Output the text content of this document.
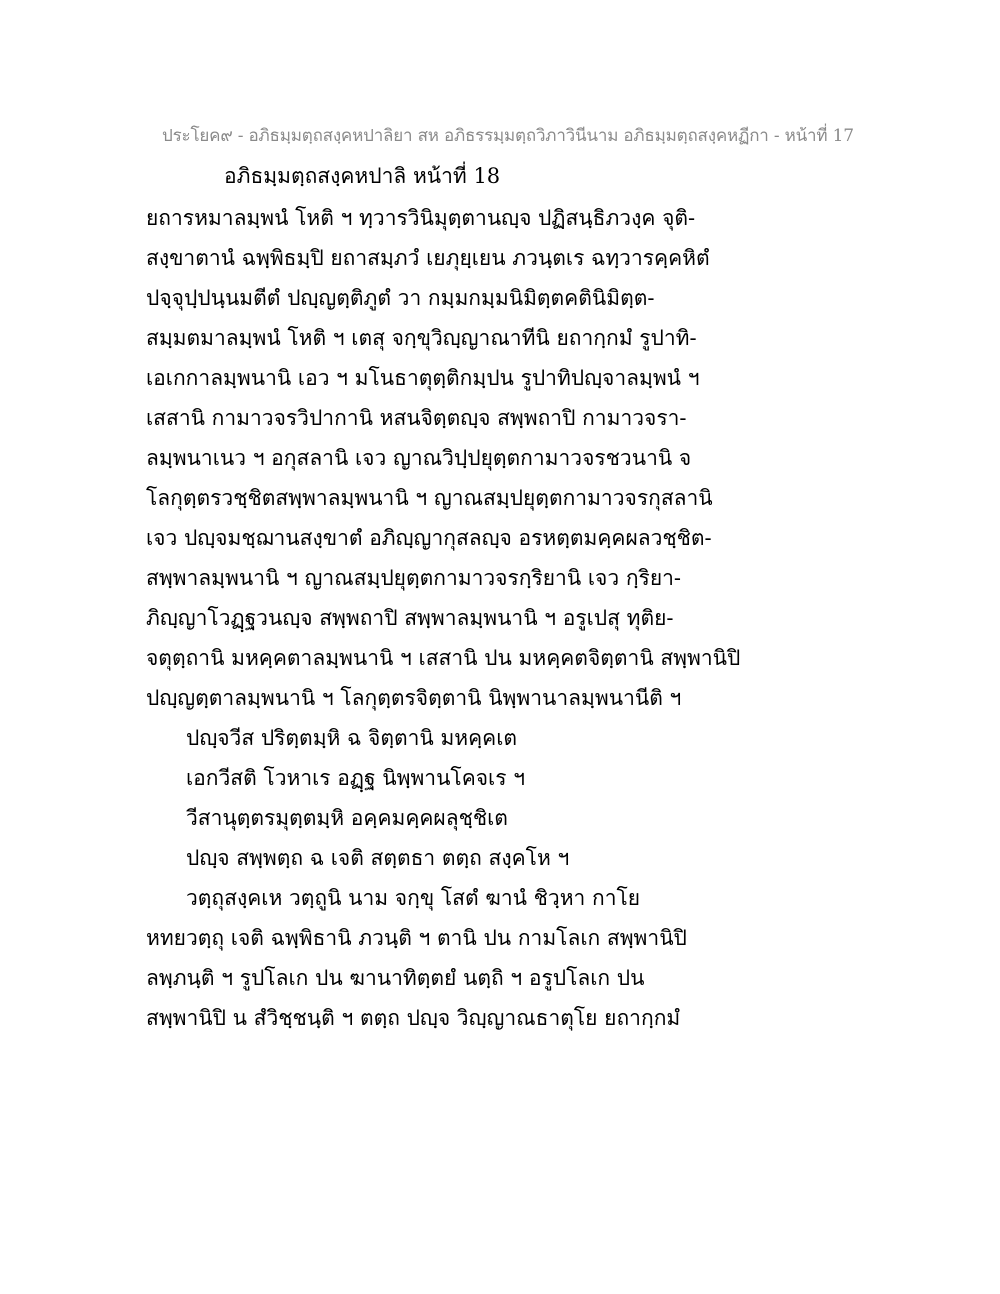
ประโยค๙ - อภิธมฺมตฺถสงฺคหปาลิยา สห อภิธรรมฺมตฺถวิภาวินีนาม อภิธมฺมตฺถสงฺคหฏีกา - หน้าที่ 17
อภิธมฺมตฺถสงฺคหปาลิ หน้าที่ 18
ยถารหมาลมฺพนํ โหติ ฯ ทฺวารวินิมุตฺตานญฺจ ปฏิสนฺธิภวงฺค จุติ-
สงฺขาตานํ ฉพฺพิธมฺปิ ยถาสมฺภวํ เยภุยฺเยน ภวนฺตเร ฉทฺวารคฺคหิตํ
ปจฺจุปฺปนฺนมตีตํ ปญฺญตฺติภูตํ วา กมฺมกมฺมนิมิตฺตคตินิมิตฺต-
สมฺมตมาลมฺพนํ โหติ ฯ เตสุ จกฺขุวิญฺญาณาทีนิ ยถากฺกมํ รูปาทิ-
เอเกกาลมฺพนานิ เอว ฯ มโนธาตุตฺติกมฺปน รูปาทิปญฺจาลมฺพนํ ฯ
เสสานิ กามาวจรวิปากานิ หสนจิตฺตญฺจ สพฺพถาปิ กามาวจรา-
ลมฺพนาเนว ฯ อกุสลานิ เจว ญาณวิปฺปยุตฺตกามาวจรชวนานิ จ
โลกุตฺตรวชฺชิตสพฺพาลมฺพนานิ ฯ ญาณสมฺปยุตฺตกามาวจรกุสลานิ
เจว ปญฺจมชฺฌานสงฺขาตํ อภิญฺญากุสลญฺจ อรหตฺตมคฺคผลวชฺชิต-
สพฺพาลมฺพนานิ ฯ ญาณสมฺปยุตฺตกามาวจรกฺริยานิ เจว กฺริยา-
ภิญฺญาโวฏฺฐวนญฺจ สพฺพถาปิ สพฺพาลมฺพนานิ ฯ อรูเปสุ ทุติย-
จตุตฺถานิ มหคฺคตาลมฺพนานิ ฯ เสสานิ ปน มหคฺคตจิตฺตานิ สพฺพานิปิ
ปญฺญตฺตาลมฺพนานิ ฯ โลกุตฺตรจิตฺตานิ นิพฺพานาลมฺพนานีติ ฯ
ปญฺจวีส ปริตฺตมฺหิ ฉ จิตฺตานิ มหคฺคเต
เอกวีสติ โวหาเร อฏฺฐ นิพฺพานโคจเร ฯ
วีสานุตฺตรมุตฺตมฺหิ อคฺคมคฺคผลุชฺชิเต
ปญฺจ สพฺพตฺถ ฉ เจติ สตฺตธา ตตฺถ สงฺคโห ฯ
วตฺถุสงฺคเห วตฺถูนิ นาม จกฺขุ โสตํ ฆานํ ชิวฺหา กาโย
หทยวตฺถุ เจติ ฉพฺพิธานิ ภวนฺติ ฯ ตานิ ปน กามโลเก สพฺพานิปิ
ลพฺภนฺติ ฯ รูปโลเก ปน ฆานาทิตฺตยํ นตฺถิ ฯ อรูปโลเก ปน
สพฺพานิปิ น สํวิชฺชนฺติ ฯ ตตฺถ ปญฺจ วิญฺญาณธาตุโย ยถากฺกมํ
